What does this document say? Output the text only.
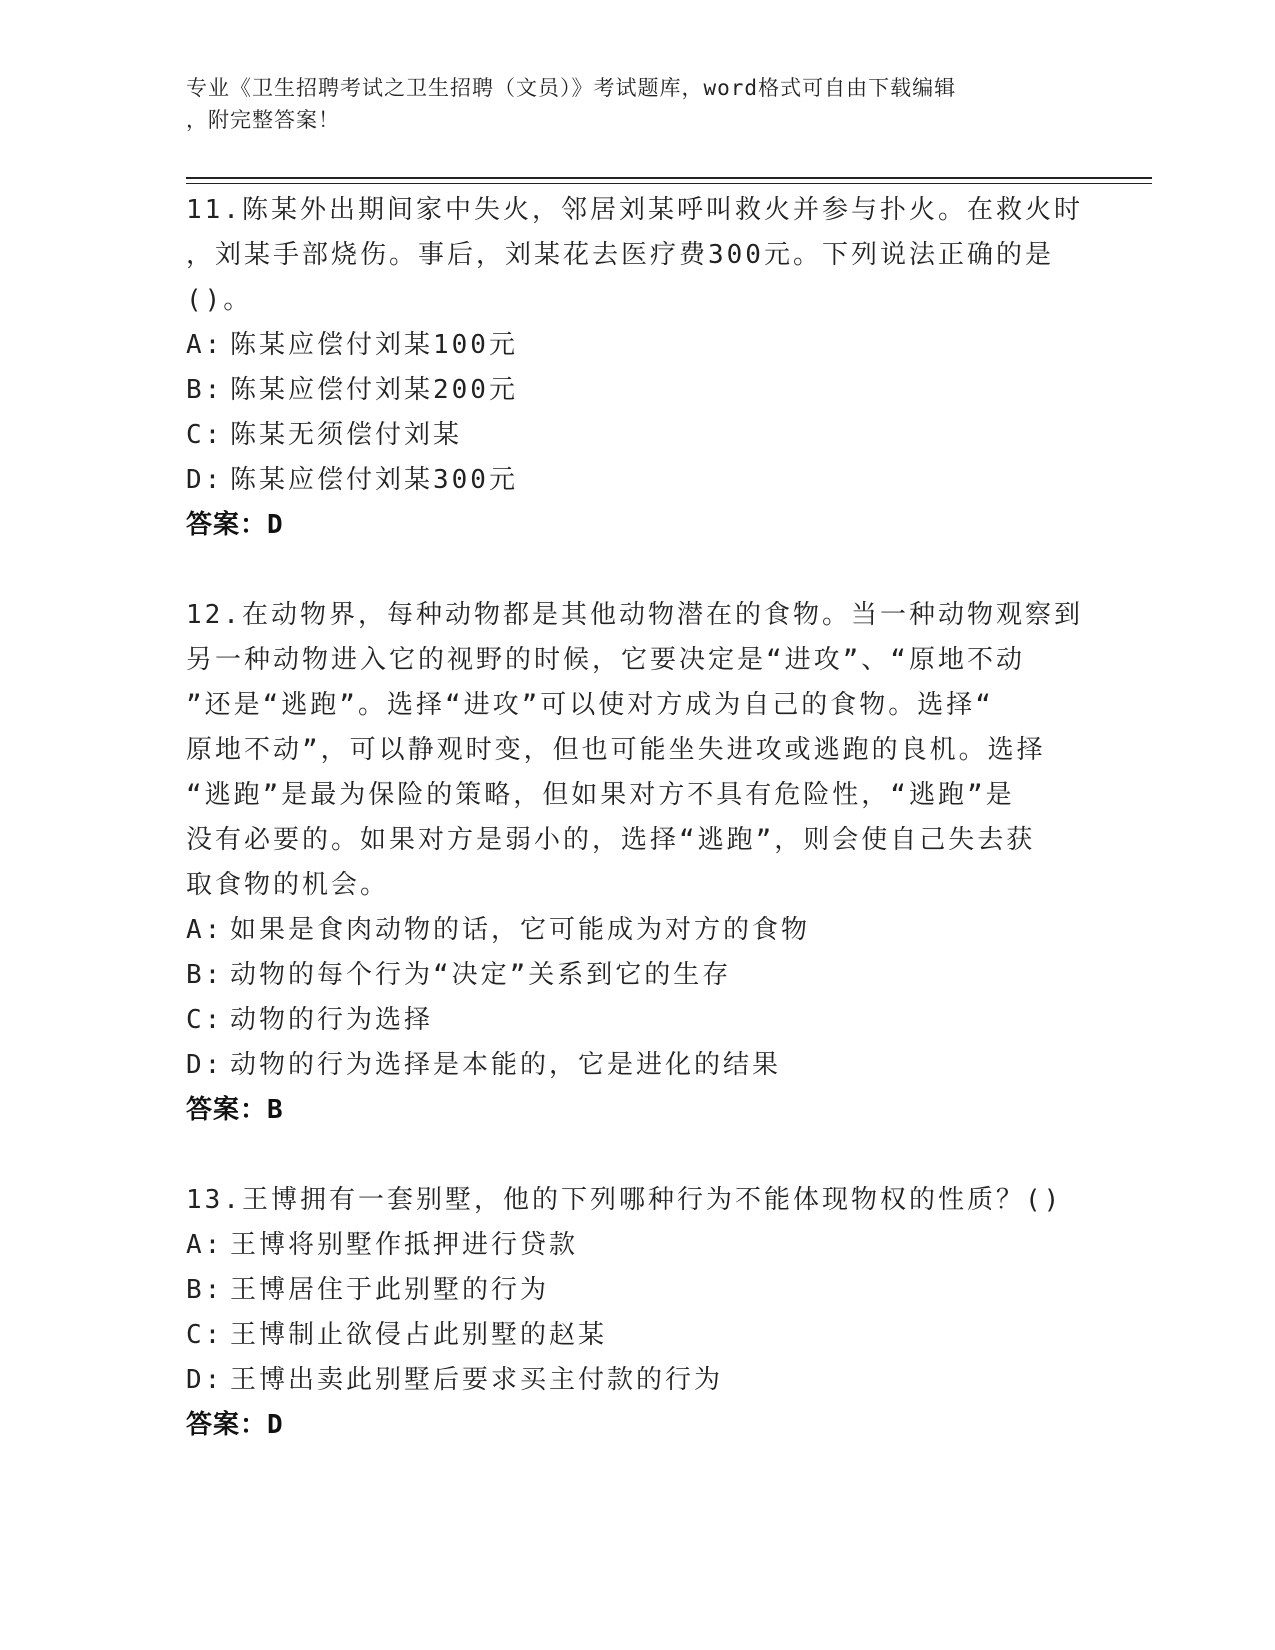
专业《卫生招聘考试之卫生招聘（文员）》考试题库，word格式可自由下载编辑
，附完整答案！
11.陈某外出期间家中失火，邻居刘某呼叫救火并参与扑火。在救火时
，刘某手部烧伤。事后，刘某花去医疗费300元。下列说法正确的是
()。
A: 陈某应偿付刘某100元
B: 陈某应偿付刘某200元
C: 陈某无须偿付刘某
D: 陈某应偿付刘某300元
答案：D
12.在动物界，每种动物都是其他动物潜在的食物。当一种动物观察到
另一种动物进入它的视野的时候，它要决定是“进攻”、“原地不动
”还是“逃跑”。选择“进攻”可以使对方成为自己的食物。选择“
原地不动”，可以静观时变，但也可能坐失进攻或逃跑的良机。选择
“逃跑”是最为保险的策略，但如果对方不具有危险性，“逃跑”是
没有必要的。如果对方是弱小的，选择“逃跑”，则会使自己失去获
取食物的机会。
A: 如果是食肉动物的话，它可能成为对方的食物
B: 动物的每个行为“决定”关系到它的生存
C: 动物的行为选择
D: 动物的行为选择是本能的，它是进化的结果
答案：B
13.王博拥有一套别墅，他的下列哪种行为不能体现物权的性质？()
A: 王博将别墅作抵押进行贷款
B: 王博居住于此别墅的行为
C: 王博制止欲侵占此别墅的赵某
D: 王博出卖此别墅后要求买主付款的行为
答案：D
